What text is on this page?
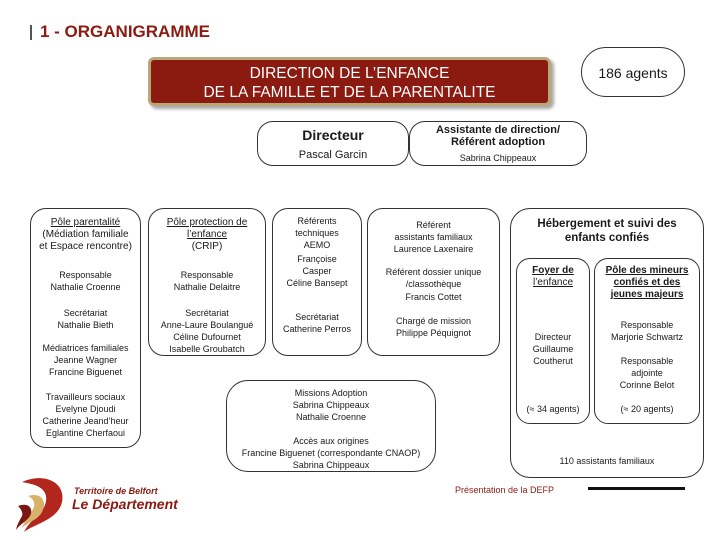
1 - ORGANIGRAMME
DIRECTION DE L’ENFANCE
DE LA FAMILLE ET DE LA PARENTALITE
186 agents
Directeur
Pascal Garcin
Assistante de direction/
Référent adoption
Sabrina Chippeaux
Pôle parentalité
(Médiation familiale
et Espace rencontre)
Responsable
Nathalie Croenne
Secrétariat
Nathalie Bieth
Médiatrices familiales
Jeanne Wagner
Francine Biguenet
Travailleurs sociaux
Evelyne Djoudi
Catherine Jeand’heur
Eglantine Cherfaoui
Pôle protection de
l’enfance
(CRIP)
Responsable
Nathalie Delaitre
Secrétariat
Anne-Laure Boulangué
Céline Dufournet
Isabelle Groubatch
Référents
techniques
AEMO
Françoise
Casper
Céline Bansept
Secrétariat
Catherine Perros
Référent
assistants familiaux
Laurence Laxenaire
Référent dossier unique
/classothèque
Francis Cottet
Chargé de mission
Philippe Péquignot
Missions Adoption
Sabrina Chippeaux
Nathalie Croenne
Accès aux origines
Francine Biguenet (correspondante CNAOP)
Sabrina Chippeaux
Hébergement et suivi des
enfants confiés
110 assistants familiaux
Foyer de
l’enfance
Directeur
Guillaume
Coutherut
(≈ 34 agents)
Pôle des mineurs
confiés et des
jeunes majeurs
Responsable
Marjorie Schwartz
Responsable
adjointe
Corinne Belot
(≈ 20 agents)
Présentation de la DEFP
Territoire de Belfort
Le Département
